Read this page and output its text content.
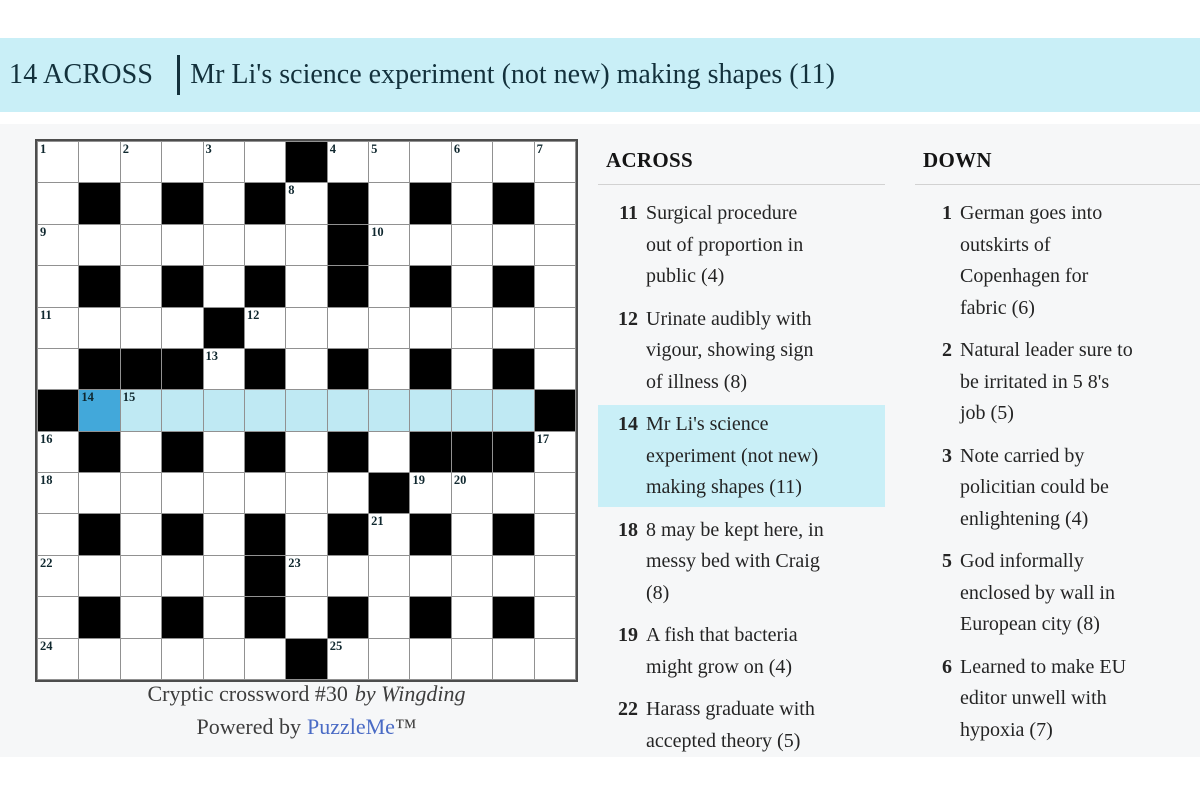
14 ACROSS Mr Li's science experiment (not new) making shapes (11)
1	2	3	4	5	6	7
8
9	10
11	12
13
14 15
16	17
18	19 20
21
22	23
24	25
Cryptic crossword #30 by Wingding
Powered by PuzzleMe™
ACROSS
11 Surgical procedure
out of proportion in
public (4)
12 Urinate audibly with
vigour, showing sign
of illness (8)
14 Mr Li's science
experiment (not new)
making shapes (11)
18 8 may be kept here, in
messy bed with Craig
(8)
19 A fish that bacteria
might grow on (4)
22 Harass graduate with
accepted theory (5)
DOWN
1 German goes into
outskirts of
Copenhagen for
fabric (6)
2 Natural leader sure to
be irritated in 5 8's
job (5)
3 Note carried by
policitian could be
enlightening (4)
5 God informally
enclosed by wall in
European city (8)
6 Learned to make EU
editor unwell with
hypoxia (7)
